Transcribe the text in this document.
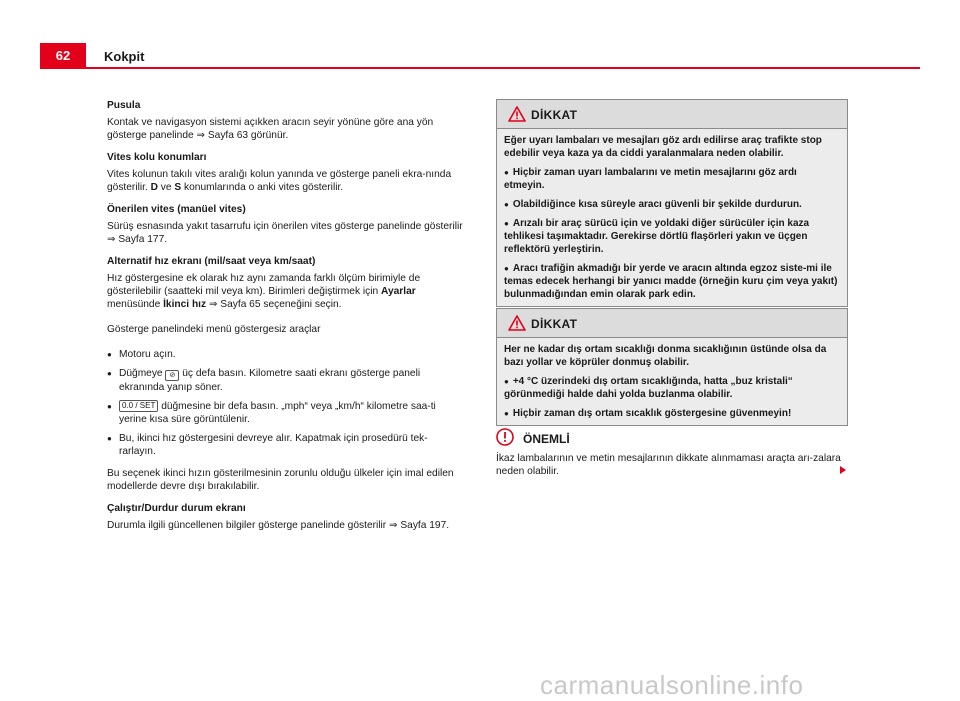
62	Kokpit
Pusula
Kontak ve navigasyon sistemi açıkken aracın seyir yönüne göre ana yön gösterge panelinde ⇒ Sayfa 63 görünür.
Vites kolu konumları
Vites kolunun takılı vites aralığı kolun yanında ve gösterge paneli ekra-nında gösterilir. D ve S konumlarında o anki vites gösterilir.
Önerilen vites (manüel vites)
Sürüş esnasında yakıt tasarrufu için önerilen vites gösterge panelinde gösterilir ⇒ Sayfa 177.
Alternatif hız ekranı (mil/saat veya km/saat)
Hız göstergesine ek olarak hız aynı zamanda farklı ölçüm birimiyle de gösterilebilir (saatteki mil veya km). Birimleri değiştirmek için Ayarlar menüsünde İkinci hız ⇒ Sayfa 65 seçeneğini seçin.

Gösterge panelindeki menü göstergesiz araçlar

● Motoru açın.
● Düğmeye ⊘ üç defa basın. Kilometre saati ekranı gösterge paneli ekranında yanıp söner.
● 0.0 / SET düğmesine bir defa basın. „mph“ veya „km/h“ kilometre saa-ti yerine kısa süre görüntülenir.
● Bu, ikinci hız göstergesini devreye alır. Kapatmak için prosedürü tek-rarlayın.

Bu seçenek ikinci hızın gösterilmesinin zorunlu olduğu ülkeler için imal edilen modellerde devre dışı bırakılabilir.

Çalıştır/Durdur durum ekranı
Durumla ilgili güncellenen bilgiler gösterge panelinde gösterilir ⇒ Sayfa 197.
DİKKAT
Eğer uyarı lambaları ve mesajları göz ardı edilirse araç trafikte stop edebilir veya kaza ya da ciddi yaralanmalara neden olabilir.
● Hiçbir zaman uyarı lambalarını ve metin mesajlarını göz ardı etmeyin.
● Olabildiğince kısa süreyle aracı güvenli bir şekilde durdurun.
● Arızalı bir araç sürücü için ve yoldaki diğer sürücüler için kaza tehlikesi taşımaktadır. Gerekirse dörtlü flaşörleri yakın ve üçgen reflektörü yerleştirin.
● Aracı trafiğin akmadığı bir yerde ve aracın altında egzoz siste-mi ile temas edecek herhangi bir yanıcı madde (örneğin kuru çim veya yakıt) bulunmadığından emin olarak park edin.
DİKKAT
Her ne kadar dış ortam sıcaklığı donma sıcaklığının üstünde olsa da bazı yollar ve köprüler donmuş olabilir.
● +4 °C üzerindeki dış ortam sıcaklığında, hatta „buz kristali“ görünmediği halde dahi yolda buzlanma olabilir.
● Hiçbir zaman dış ortam sıcaklık göstergesine güvenmeyin!
ÖNEMLİ
İkaz lambalarının ve metin mesajlarının dikkate alınmaması araçta arı-zalara neden olabilir.
carmanualsonline.info
